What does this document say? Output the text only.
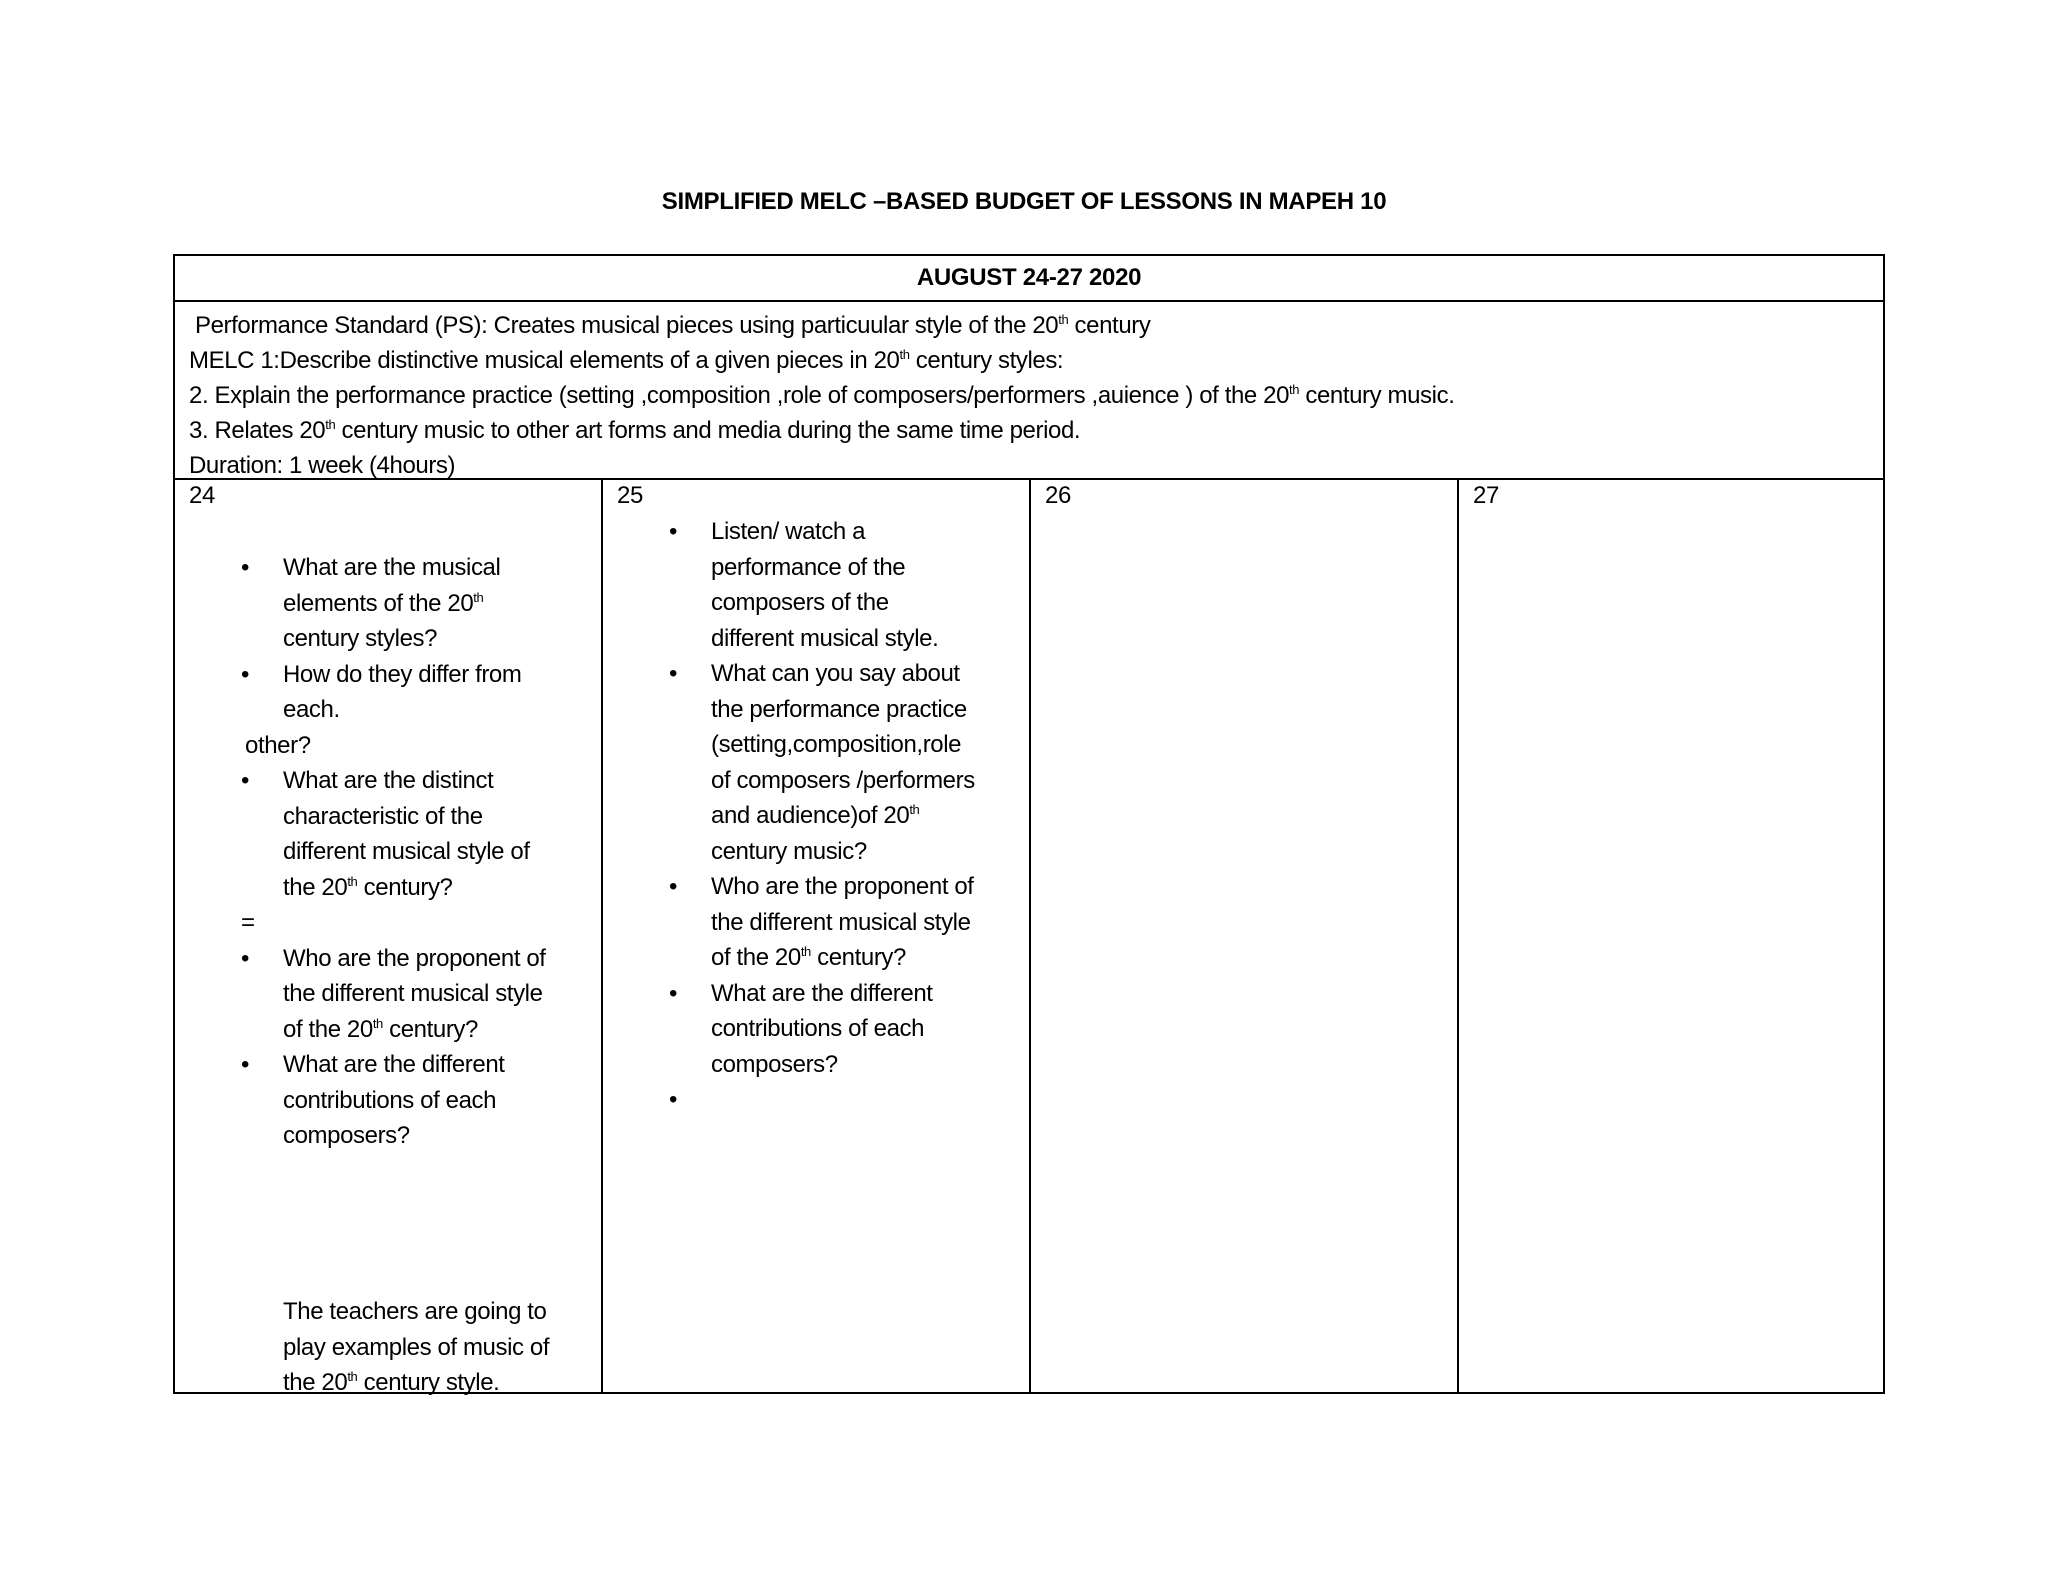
SIMPLIFIED MELC –BASED BUDGET OF LESSONS IN MAPEH 10
AUGUST 24-27 2020
Performance Standard (PS): Creates musical pieces using particuular style of the 20th century
MELC 1:Describe distinctive musical elements of a given pieces in 20th century styles:
2. Explain the performance practice (setting ,composition ,role of composers/performers ,auience ) of the 20th century music.
3. Relates 20th century music to other art forms and media during the same time period.
Duration: 1 week (4hours)
24
• What are the musical
elements of the 20th
century styles?
• How do they differ from
each.
other?
• What are the distinct
characteristic of the
different musical style of
the 20th century?
=
• Who are the proponent of
the different musical style
of the 20th century?
• What are the different
contributions of each
composers?
The teachers are going to
play examples of music of
the 20th century style.
25
• Listen/ watch a
performance of the
composers of the
different musical style.
• What can you say about
the performance practice
(setting,composition,role
of composers /performers
and audience)of 20th
century music?
• Who are the proponent of
the different musical style
of the 20th century?
• What are the different
contributions of each
composers?
•

26	27
